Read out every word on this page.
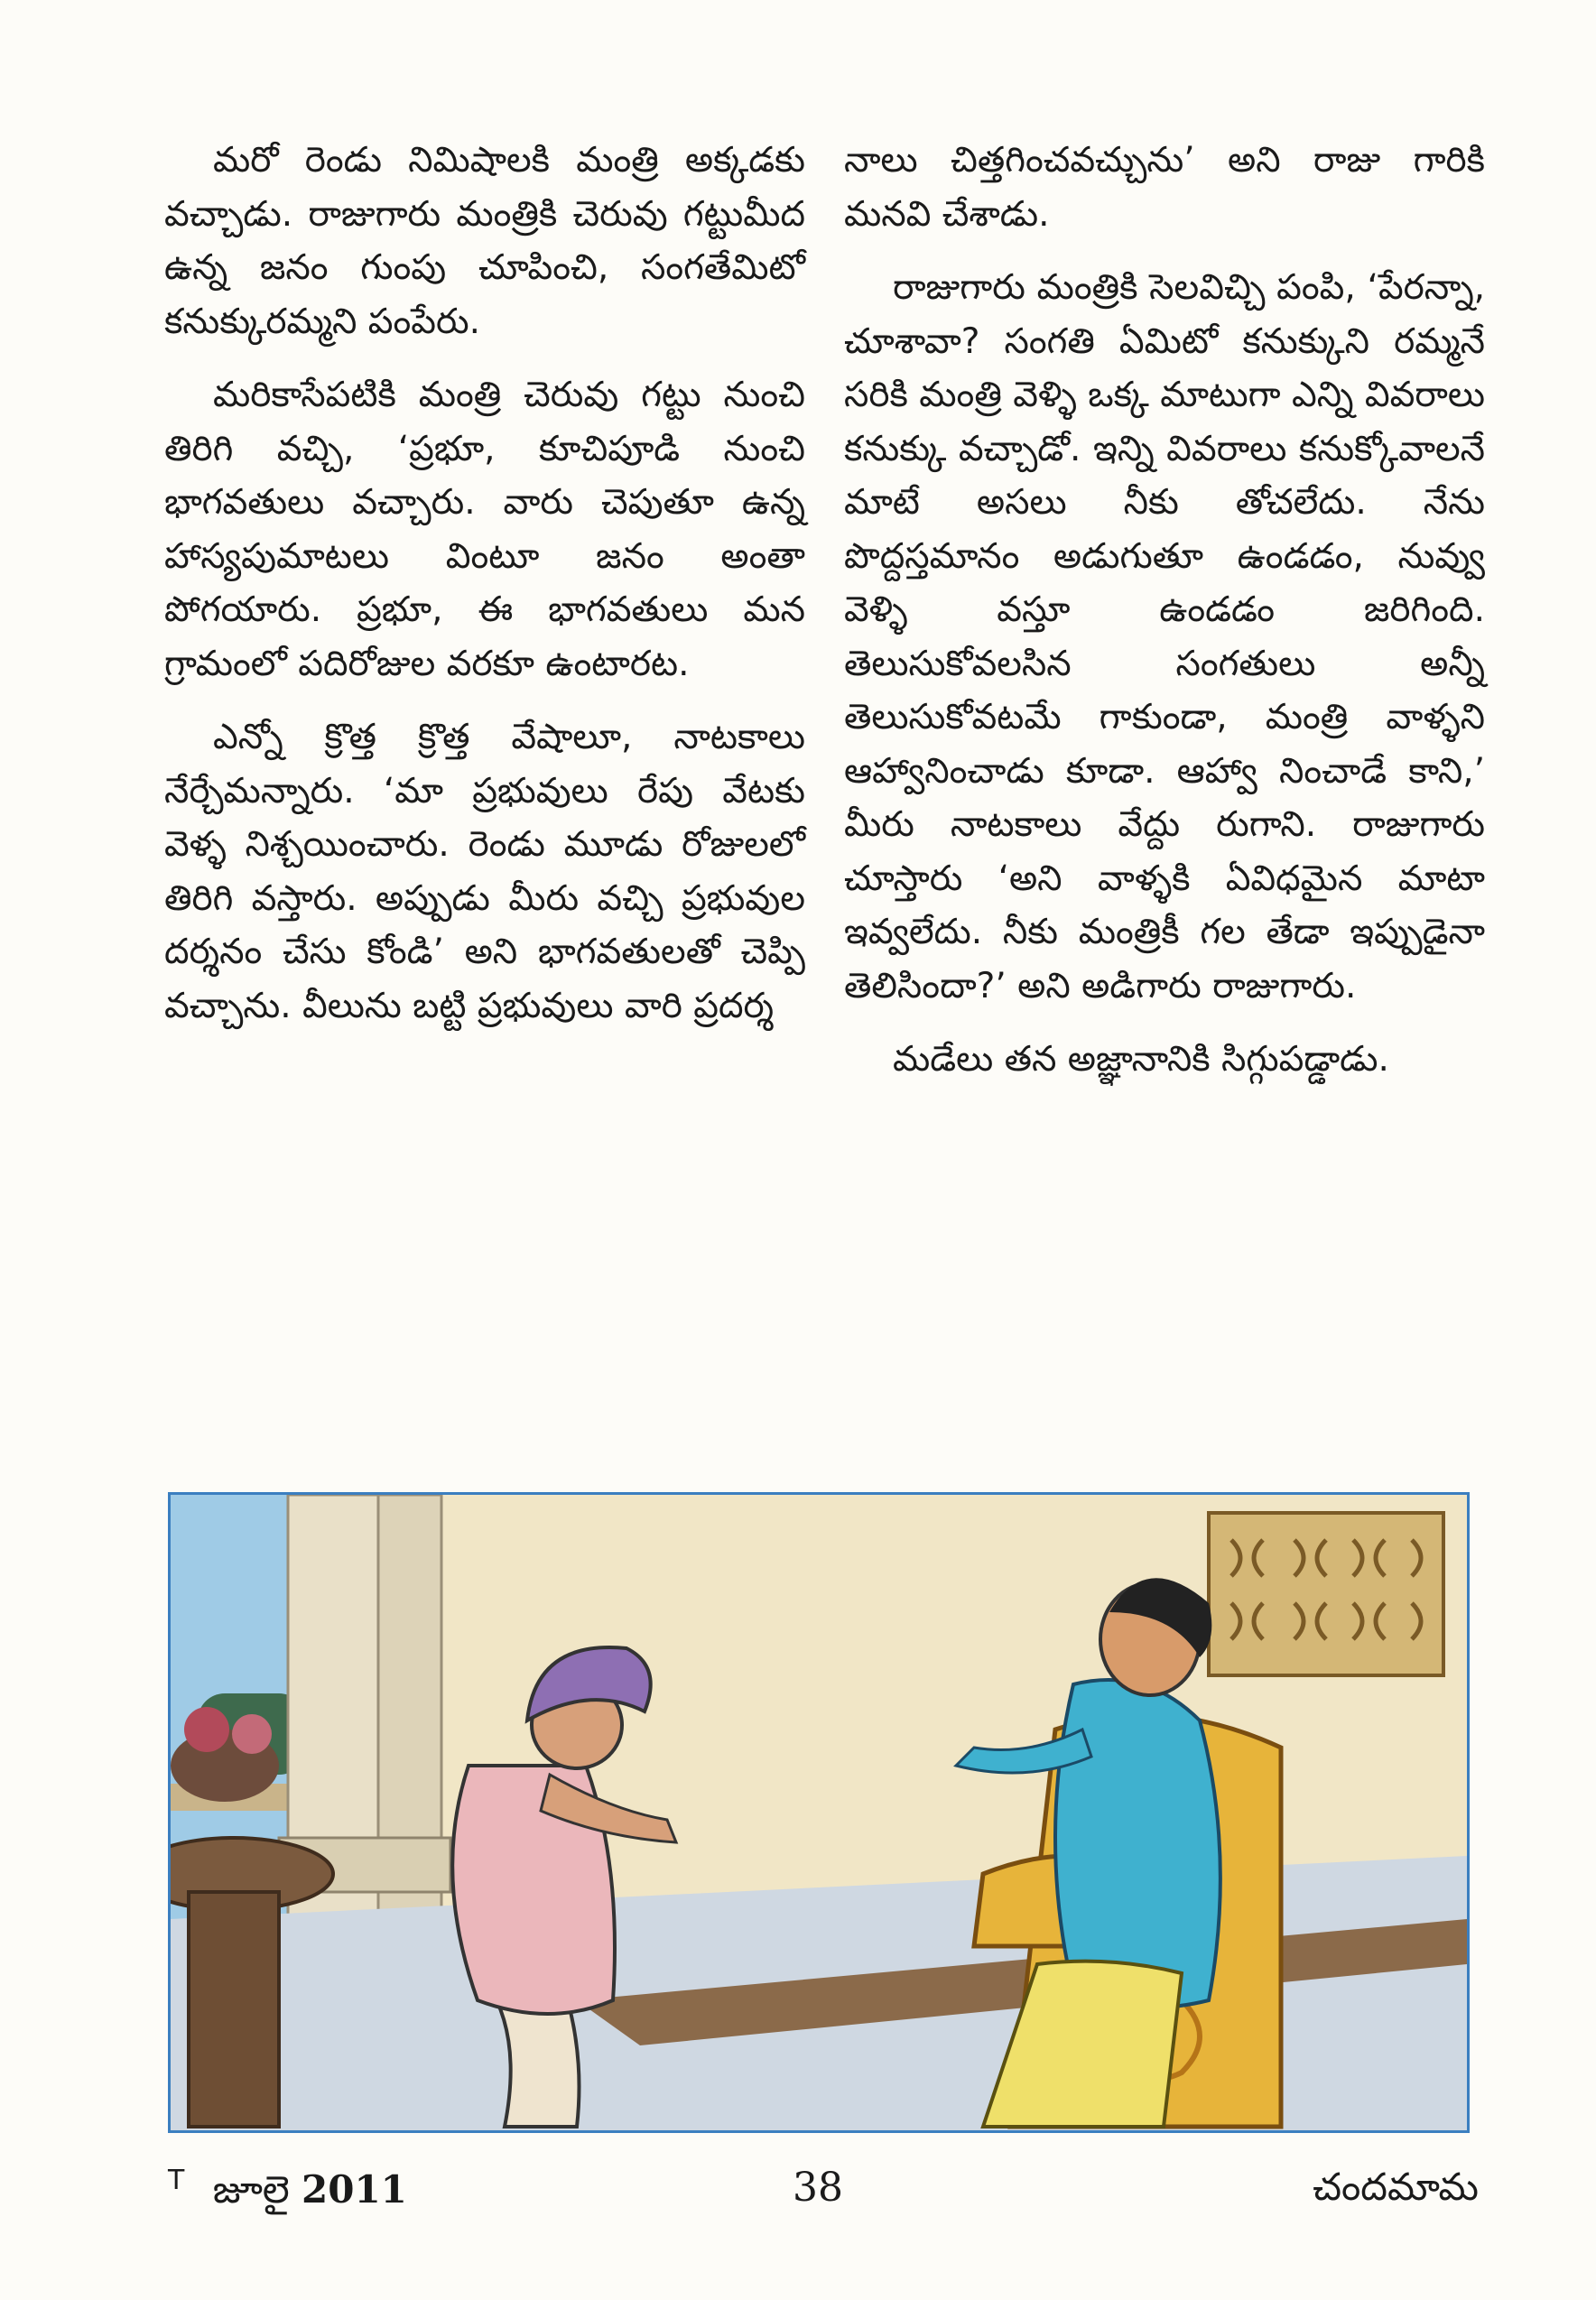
మరో రెండు నిమిషాలకి మంత్రి అక్కడకు వచ్చాడు. రాజుగారు మంత్రికి చెరువు గట్టుమీద ఉన్న జనం గుంపు చూపించి, సంగతేమిటో కనుక్కురమ్మని పంపేరు.

మరికాసేపటికి మంత్రి చెరువు గట్టు నుంచి తిరిగి వచ్చి, ‘ప్రభూ, కూచిపూడి నుంచి భాగవతులు వచ్చారు. వారు చెపుతూ ఉన్న హాస్యపుమాటలు వింటూ జనం అంతా పోగయారు. ప్రభూ, ఈ భాగవతులు మన గ్రామంలో పదిరోజుల వరకూ ఉంటారట.

ఎన్నో క్రొత్త క్రొత్త వేషాలూ, నాటకాలు నేర్చేమన్నారు. ‘మా ప్రభువులు రేపు వేటకు వెళ్ళ నిశ్చయించారు. రెండు మూడు రోజులలో తిరిగి వస్తారు. అప్పుడు మీరు వచ్చి ప్రభువుల దర్శనం చేసు కోండి’ అని భాగవతులతో చెప్పి వచ్చాను. వీలును బట్టి ప్రభువులు వారి ప్రదర్శ

నాలు చిత్తగించవచ్చును’ అని రాజు గారికి మనవి చేశాడు.

రాజుగారు మంత్రికి సెలవిచ్చి పంపి, ‘పేరన్నా, చూశావా? సంగతి ఏమిటో కనుక్కుని రమ్మనే సరికి మంత్రి వెళ్ళి ఒక్క మాటుగా ఎన్ని వివరాలు కనుక్కు వచ్చాడో. ఇన్ని వివరాలు కనుక్కోవాలనే మాటే అసలు నీకు తోచలేదు. నేను పొద్దస్తమానం అడుగుతూ ఉండడం, నువ్వు వెళ్ళి వస్తూ ఉండడం జరిగింది. తెలుసుకోవలసిన సంగతులు అన్నీ తెలుసుకోవటమే గాకుండా, మంత్రి వాళ్ళని ఆహ్వానించాడు కూడా. ఆహ్వా నించాడే కాని,’ మీరు నాటకాలు వేద్దు రుగాని. రాజుగారు చూస్తారు ‘అని వాళ్ళకి ఏవిధమైన మాటా ఇవ్వలేదు. నీకు మంత్రికీ గల తేడా ఇప్పుడైనా తెలిసిందా?’ అని అడిగారు రాజుగారు.

మడేలు తన అజ్ఞానానికి సిగ్గుపడ్డాడు.

$^T$ జూలై 2011	38	చందమామ
